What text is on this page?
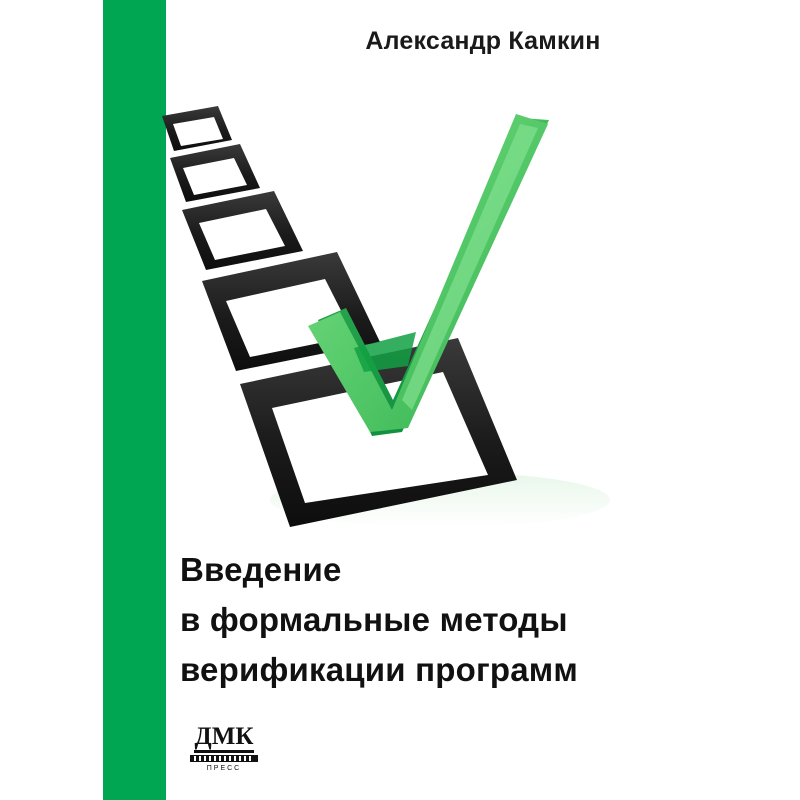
Александр Камкин
Введение
в формальные методы
верификации программ
ДМК
ПРЕСС
